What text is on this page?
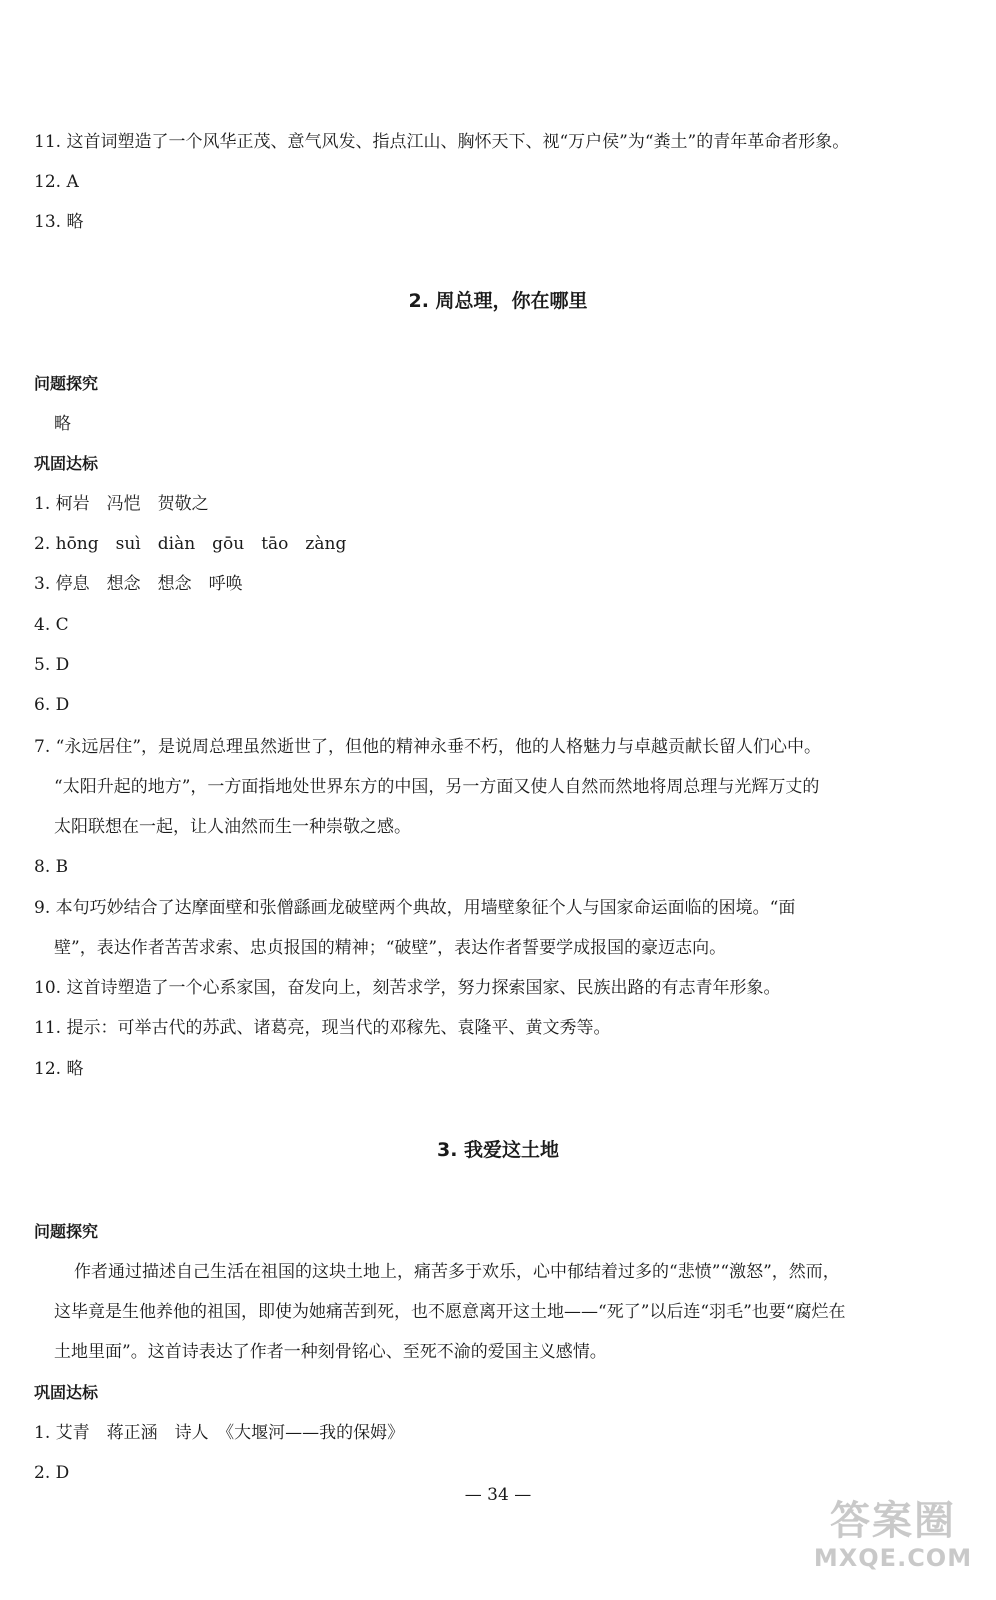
11. 这首词塑造了一个风华正茂、意气风发、指点江山、胸怀天下、视“万户侯”为“粪土”的青年革命者形象。
12. A
13. 略
2. 周总理，你在哪里
问题探究
略
巩固达标
1. 柯岩　冯恺　贺敬之
2. hōng　suì　diàn　gōu　tāo　zàng
3. 停息　想念　想念　呼唤
4. C
5. D
6. D
7. “永远居住”，是说周总理虽然逝世了，但他的精神永垂不朽，他的人格魅力与卓越贡献长留人们心中。
“太阳升起的地方”，一方面指地处世界东方的中国，另一方面又使人自然而然地将周总理与光辉万丈的
太阳联想在一起，让人油然而生一种崇敬之感。
8. B
9. 本句巧妙结合了达摩面壁和张僧繇画龙破壁两个典故，用墙壁象征个人与国家命运面临的困境。“面
壁”，表达作者苦苦求索、忠贞报国的精神；“破壁”，表达作者誓要学成报国的豪迈志向。
10. 这首诗塑造了一个心系家国，奋发向上，刻苦求学，努力探索国家、民族出路的有志青年形象。
11. 提示：可举古代的苏武、诸葛亮，现当代的邓稼先、袁隆平、黄文秀等。
12. 略
3. 我爱这土地
问题探究
作者通过描述自己生活在祖国的这块土地上，痛苦多于欢乐，心中郁结着过多的“悲愤”“激怒”，然而，
这毕竟是生他养他的祖国，即使为她痛苦到死，也不愿意离开这土地——“死了”以后连“羽毛”也要“腐烂在
土地里面”。这首诗表达了作者一种刻骨铭心、至死不渝的爱国主义感情。
巩固达标
1. 艾青　蒋正涵　诗人　《大堰河——我的保姆》
2. D
— 34 —
答案圈
MXQE.COM
